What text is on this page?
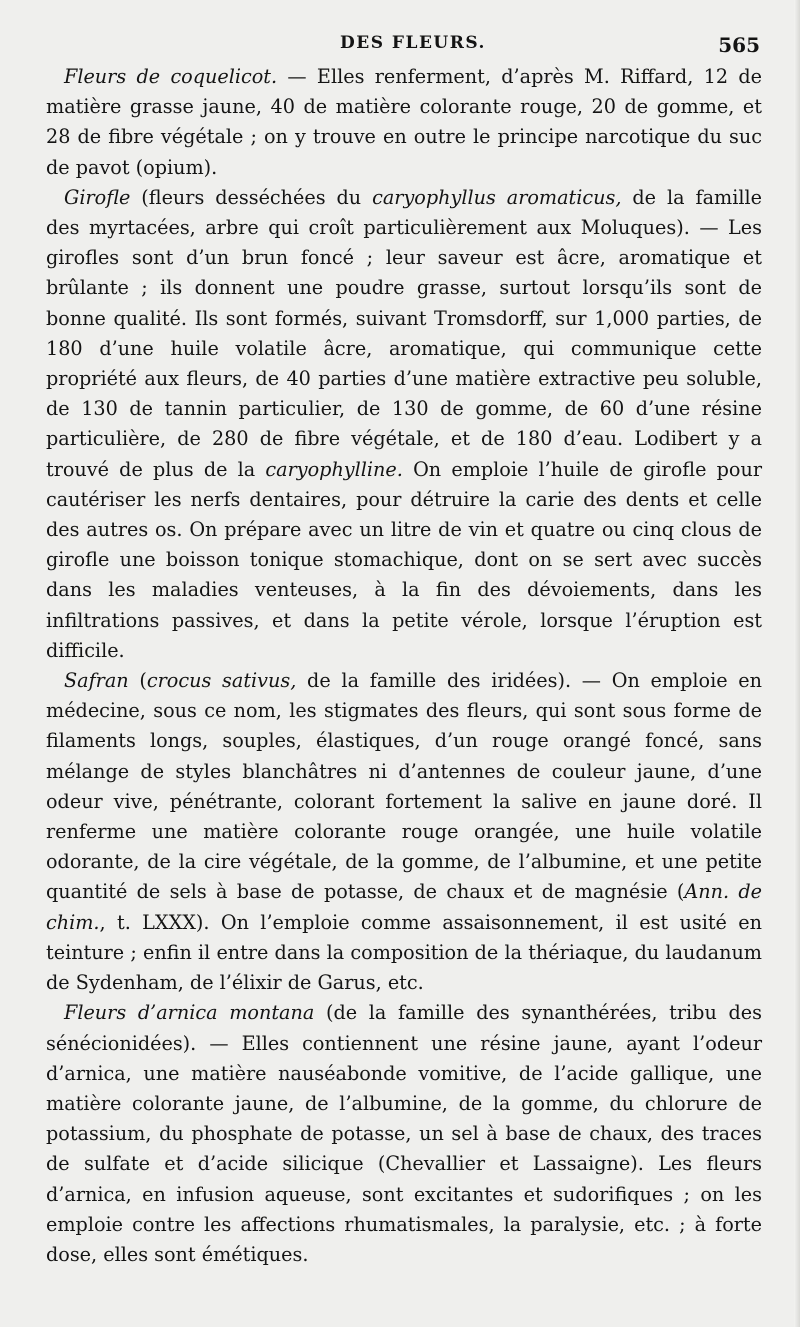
DES FLEURS.	565

Fleurs de coquelicot. — Elles renferment, d’après M. Riffard, 12 de matière grasse jaune, 40 de matière colorante rouge, 20 de gomme, et 28 de fibre végétale ; on y trouve en outre le principe narcotique du suc de pavot (opium).

Girofle (fleurs desséchées du caryophyllus aromaticus, de la famille des myrtacées, arbre qui croît particulièrement aux Moluques). — Les girofles sont d’un brun foncé ; leur saveur est âcre, aromatique et brûlante ; ils donnent une poudre grasse, surtout lorsqu’ils sont de bonne qualité. Ils sont formés, suivant Tromsdorff, sur 1,000 parties, de 180 d’une huile volatile âcre, aromatique, qui communique cette propriété aux fleurs, de 40 parties d’une matière extractive peu soluble, de 130 de tannin particulier, de 130 de gomme, de 60 d’une résine particulière, de 280 de fibre végétale, et de 180 d’eau. Lodibert y a trouvé de plus de la caryophylline. On emploie l’huile de girofle pour cautériser les nerfs dentaires, pour détruire la carie des dents et celle des autres os. On prépare avec un litre de vin et quatre ou cinq clous de girofle une boisson tonique stomachique, dont on se sert avec succès dans les maladies venteuses, à la fin des dévoiements, dans les infiltrations passives, et dans la petite vérole, lorsque l’éruption est difficile.

Safran (crocus sativus, de la famille des iridées). — On emploie en médecine, sous ce nom, les stigmates des fleurs, qui sont sous forme de filaments longs, souples, élastiques, d’un rouge orangé foncé, sans mélange de styles blanchâtres ni d’antennes de couleur jaune, d’une odeur vive, pénétrante, colorant fortement la salive en jaune doré. Il renferme une matière colorante rouge orangée, une huile volatile odorante, de la cire végétale, de la gomme, de l’albumine, et une petite quantité de sels à base de potasse, de chaux et de magnésie (Ann. de chim., t. LXXX). On l’emploie comme assaisonnement, il est usité en teinture ; enfin il entre dans la composition de la thériaque, du laudanum de Sydenham, de l’élixir de Garus, etc.

Fleurs d’arnica montana (de la famille des synanthérées, tribu des sénécionidées). — Elles contiennent une résine jaune, ayant l’odeur d’arnica, une matière nauséabonde vomitive, de l’acide gallique, une matière colorante jaune, de l’albumine, de la gomme, du chlorure de potassium, du phosphate de potasse, un sel à base de chaux, des traces de sulfate et d’acide silicique (Chevallier et Lassaigne). Les fleurs d’arnica, en infusion aqueuse, sont excitantes et sudorifiques ; on les emploie contre les affections rhumatismales, la paralysie, etc. ; à forte dose, elles sont émétiques.
